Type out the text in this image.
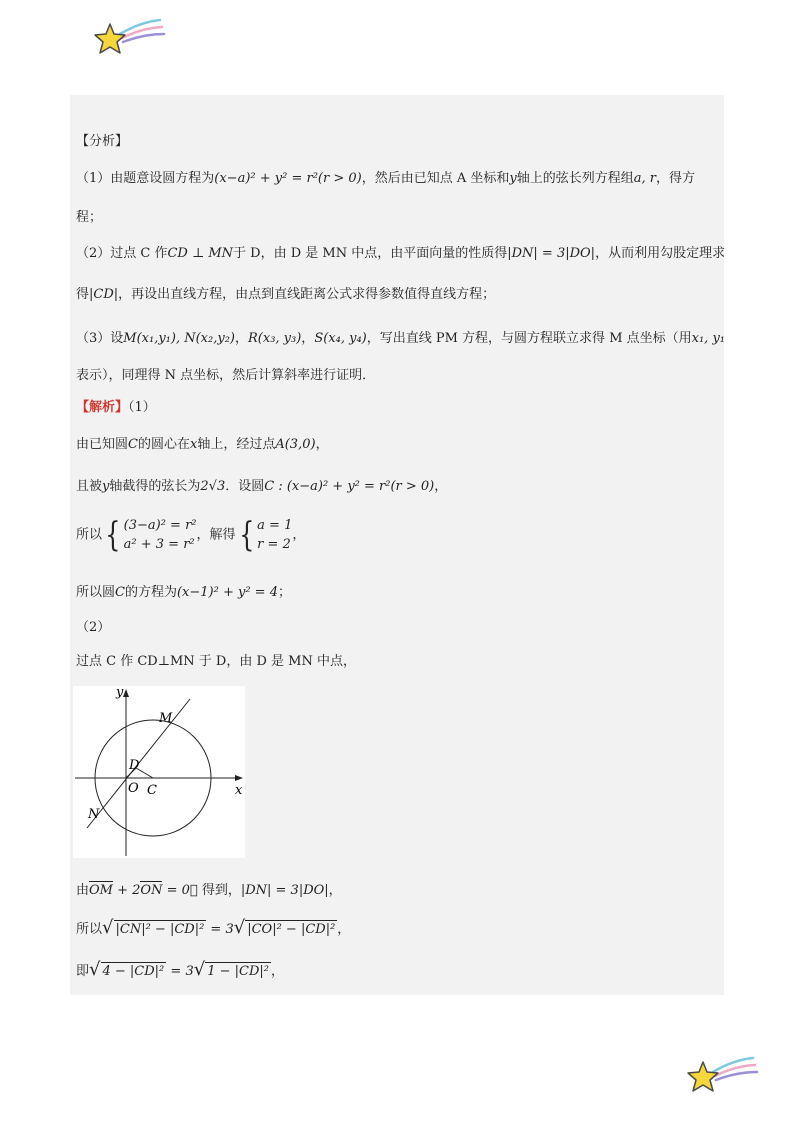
【分析】
（1）由题意设圆方程为(x−a)² + y² = r²(r > 0)，然后由已知点 A 坐标和y轴上的弦长列方程组a, r，得方
程；
（2）过点 C 作CD ⊥ MN于 D，由 D 是 MN 中点，由平面向量的性质得|DN| = 3|DO|，从而利用勾股定理求
得|CD|，再设出直线方程，由点到直线距离公式求得参数值得直线方程；
（3）设M(x₁,y₁), N(x₂,y₂)，R(x₃, y₃)，S(x₄, y₄)，写出直线 PM 方程，与圆方程联立求得 M 点坐标（用x₁, y₁
表示），同理得 N 点坐标，然后计算斜率进行证明．
【解析】（1）
由已知圆C的圆心在x轴上，经过点A(3,0)，
且被y轴截得的弦长为2√3．设圆C : (x−a)² + y² = r²(r > 0)，
所以{ (3−a)² = r²
a² + 3 = r²
，解得{ a = 1
r = 2
，
所以圆C的方程为(x−1)² + y² = 4；
（2）
过点 C 作 CD⊥MN 于 D，由 D 是 MN 中点，
y
x
M
D
O C
N
由OM + 2ON = 0⃗ 得到，|DN| = 3|DO|，
所以√ |CN|² − |CD|² = 3√ |CO|² − |CD|² ，
即√ 4 − |CD|² = 3√ 1 − |CD|² ，
